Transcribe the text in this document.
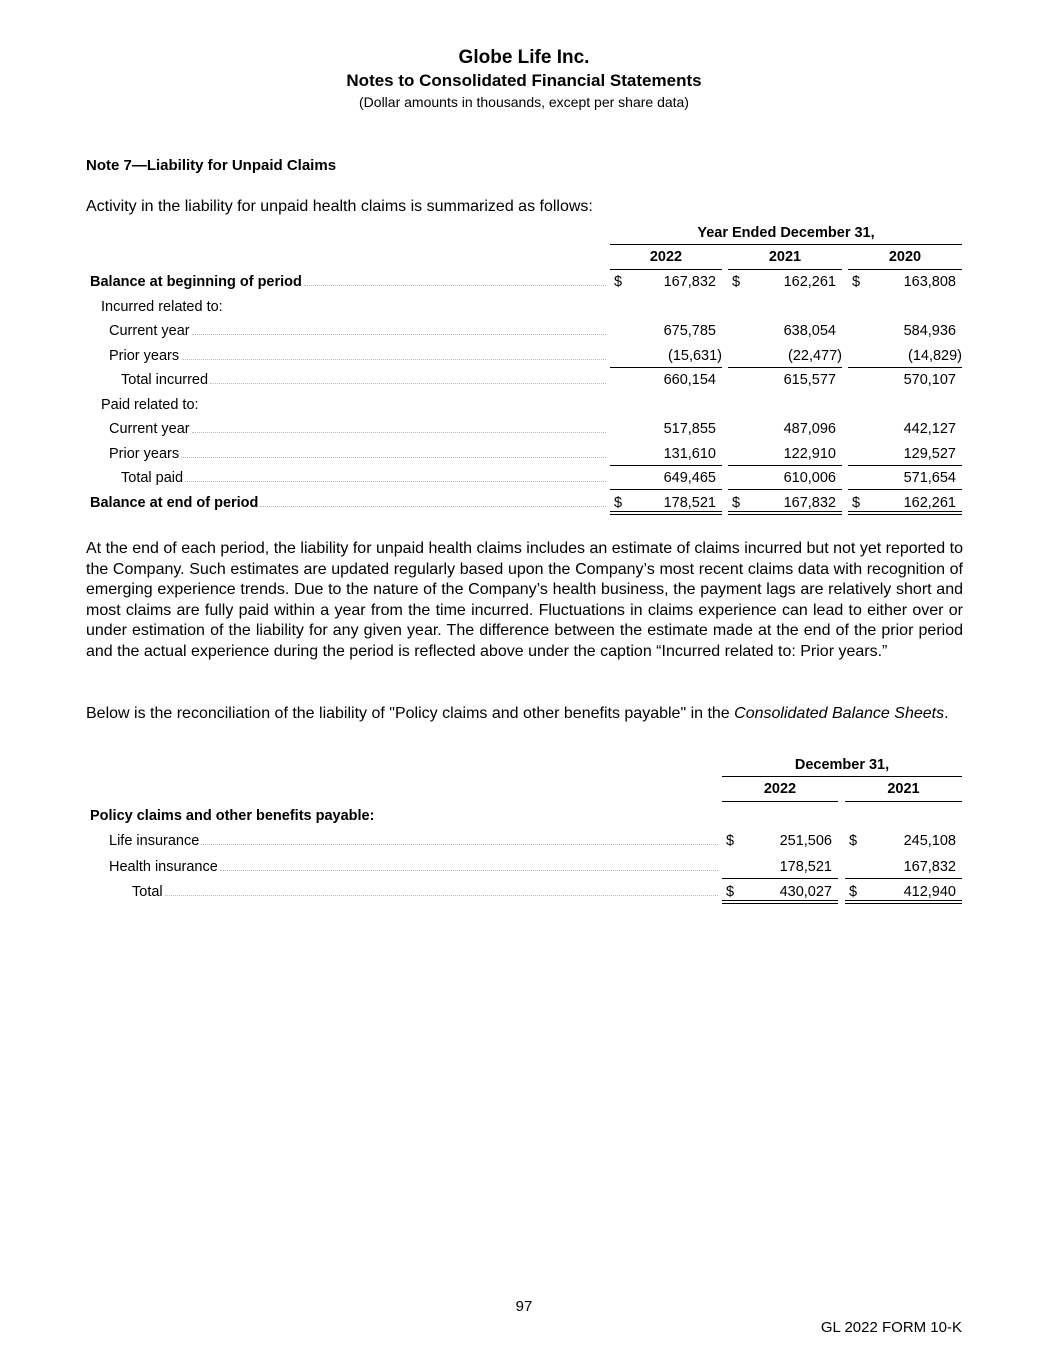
Globe Life Inc.
Notes to Consolidated Financial Statements
(Dollar amounts in thousands, except per share data)
Note 7—Liability for Unpaid Claims
Activity in the liability for unpaid health claims is summarized as follows:
Year Ended December 31,
2022	2021	2020
Balance at beginning of period	$	167,832 $	162,261 $	163,808
Incurred related to:
Current year	675,785	638,054	584,936
Prior years	(15,631)	(22,477)	(14,829)
Total incurred	660,154	615,577	570,107
Paid related to:
Current year	517,855	487,096	442,127
Prior years	131,610	122,910	129,527
Total paid	649,465	610,006	571,654
Balance at end of period	$	178,521 $	167,832 $	162,261
At the end of each period, the liability for unpaid health claims includes an estimate of claims incurred but not yet reported to the Company. Such estimates are updated regularly based upon the Company’s most recent claims data with recognition of emerging experience trends. Due to the nature of the Company’s health business, the payment lags are relatively short and most claims are fully paid within a year from the time incurred. Fluctuations in claims experience can lead to either over or under estimation of the liability for any given year. The difference between the estimate made at the end of the prior period and the actual experience during the period is reflected above under the caption “Incurred related to: Prior years.”
Below is the reconciliation of the liability of "Policy claims and other benefits payable" in the Consolidated Balance Sheets.
December 31,
2022	2021
Policy claims and other benefits payable:
Life insurance	$	251,506 $	245,108
Health insurance	178,521	167,832
Total	$	430,027 $	412,940
97
GL 2022 FORM 10-K
